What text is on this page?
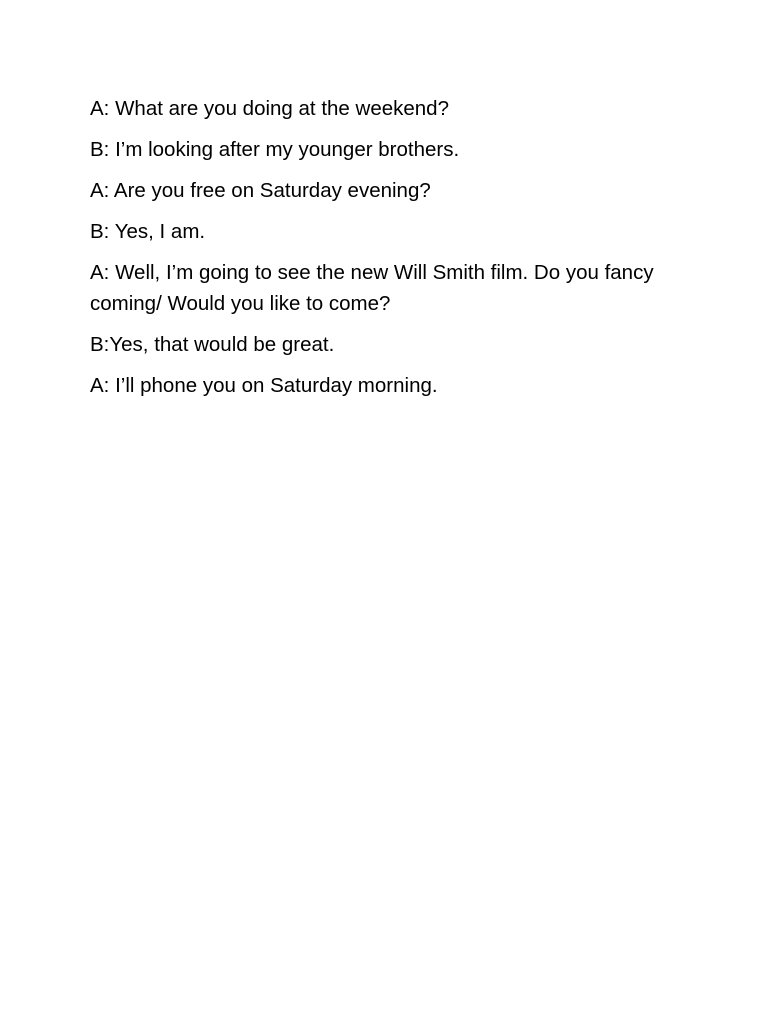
A: What are you doing at the weekend?
B: I’m looking after my younger brothers.
A: Are you free on Saturday evening?
B: Yes, I am.
A: Well, I’m going to see the new Will Smith film. Do you fancy coming/ Would you like to come?
B:Yes, that would be great.
A: I’ll phone you on Saturday morning.
